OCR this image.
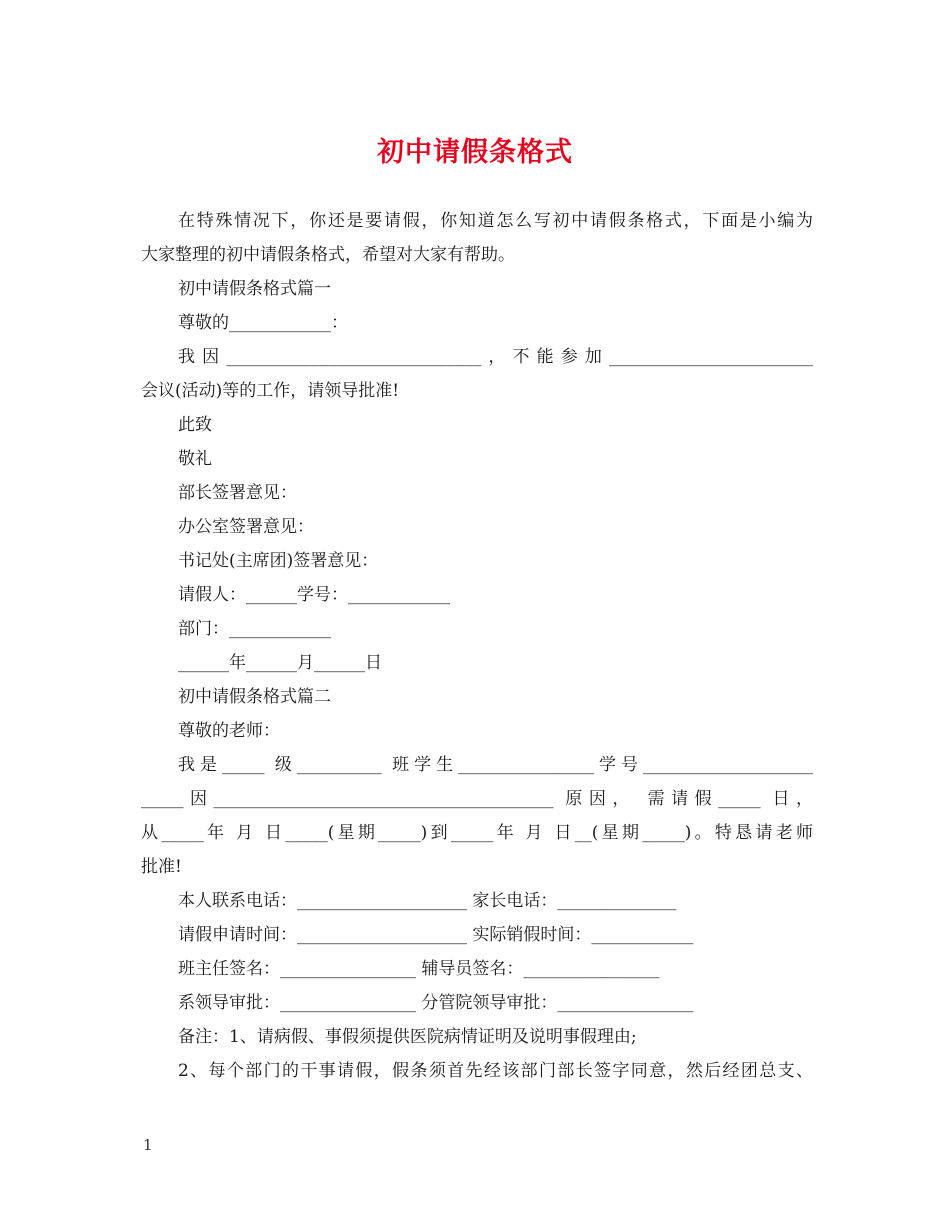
初中请假条格式
在特殊情况下，你还是要请假，你知道怎么写初中请假条格式，下面是小编为
大家整理的初中请假条格式，希望对大家有帮助。
初中请假条格式篇一
尊敬的____________：
我因______________________________，不能参加________________________
会议(活动)等的工作，请领导批准!
此致
敬礼
部长签署意见：
办公室签署意见：
书记处(主席团)签署意见：
请假人：______学号：____________
部门：____________
______年______月______日
初中请假条格式篇二
尊敬的老师：
我是_____ 级__________ 班学生________________学号____________________
_____因________________________________________ 原因， 需请假_____ 日，
从_____年 月 日_____(星期_____)到_____年 月 日__(星期_____)。特恳请老师
批准!
本人联系电话：____________________ 家长电话：______________
请假申请时间：____________________ 实际销假时间：____________
班主任签名：________________ 辅导员签名：________________
系领导审批：________________ 分管院领导审批：________________
备注：1、请病假、事假须提供医院病情证明及说明事假理由;
2、每个部门的干事请假，假条须首先经该部门部长签字同意，然后经团总支、
1
